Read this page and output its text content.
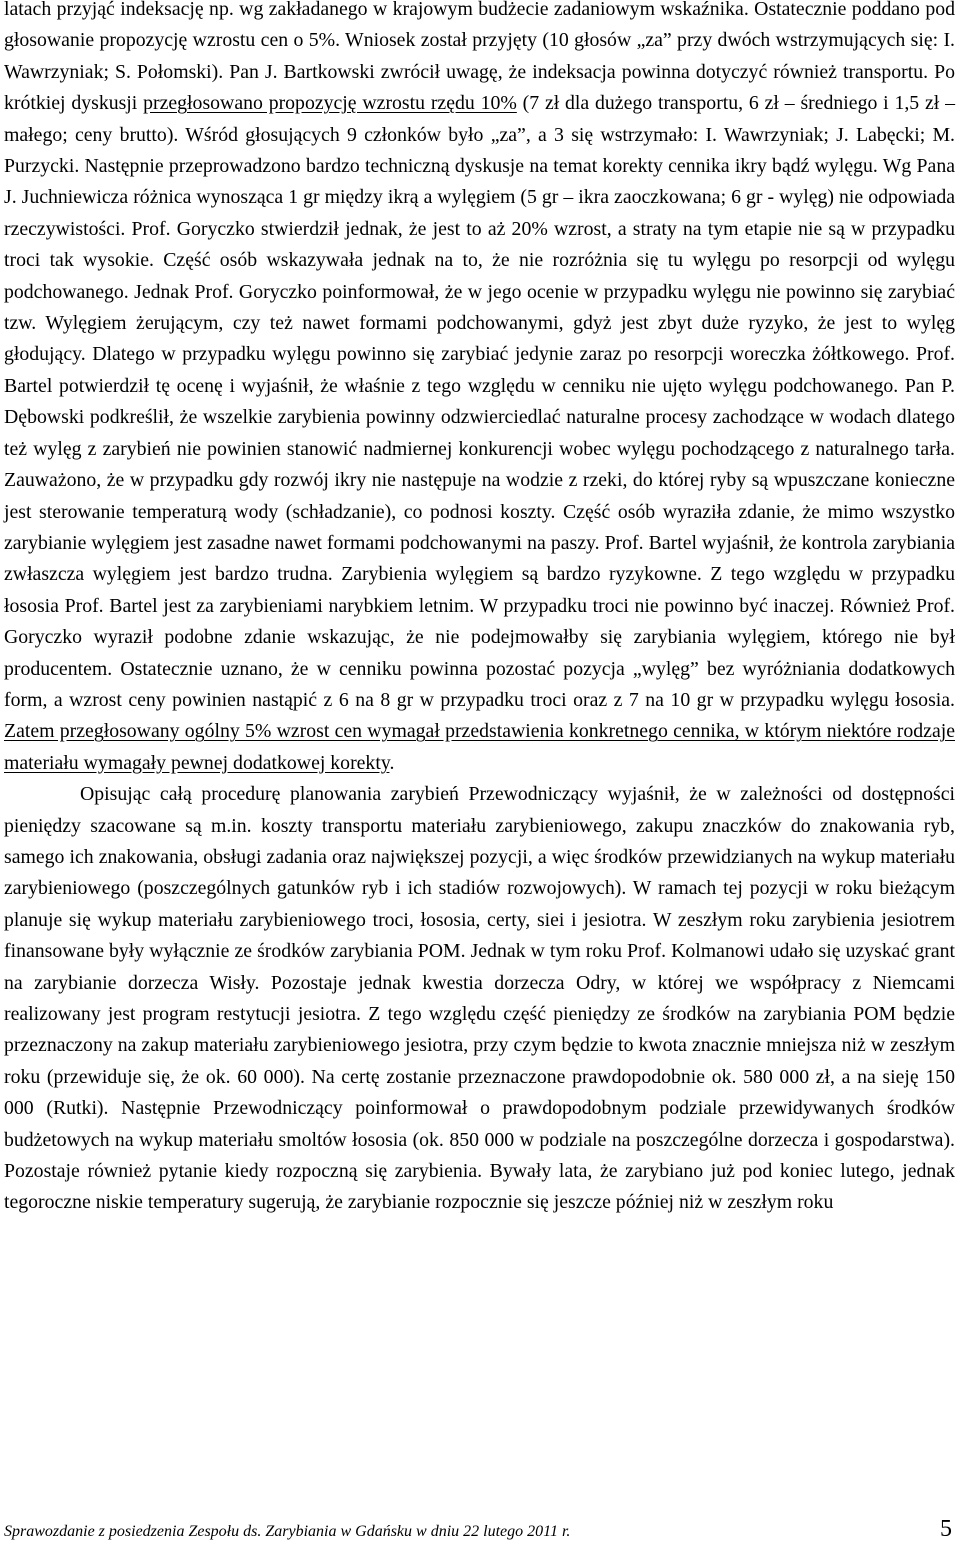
latach przyjąć indeksację np. wg zakładanego w krajowym budżecie zadaniowym wskaźnika. Ostatecznie poddano pod głosowanie propozycję wzrostu cen o 5%. Wniosek został przyjęty (10 głosów „za” przy dwóch wstrzymujących się: I. Wawrzyniak; S. Połomski). Pan J. Bartkowski zwrócił uwagę, że indeksacja powinna dotyczyć również transportu. Po krótkiej dyskusji przegłosowano propozycję wzrostu rzędu 10% (7 zł dla dużego transportu, 6 zł – średniego i 1,5 zł – małego; ceny brutto). Wśród głosujących 9 członków było „za”, a 3 się wstrzymało: I. Wawrzyniak; J. Labęcki; M. Purzycki. Następnie przeprowadzono bardzo techniczną dyskusje na temat korekty cennika ikry bądź wylęgu. Wg Pana J. Juchniewicza różnica wynosząca 1 gr między ikrą a wylęgiem (5 gr – ikra zaoczkowana; 6 gr - wylęg) nie odpowiada rzeczywistości. Prof. Goryczko stwierdził jednak, że jest to aż 20% wzrost, a straty na tym etapie nie są w przypadku troci tak wysokie. Część osób wskazywała jednak na to, że nie rozróżnia się tu wylęgu po resorpcji od wylęgu podchowanego. Jednak Prof. Goryczko poinformował, że w jego ocenie w przypadku wylęgu nie powinno się zarybiać tzw. Wylęgiem żerującym, czy też nawet formami podchowanymi, gdyż jest zbyt duże ryzyko, że jest to wylęg głodujący. Dlatego w przypadku wylęgu powinno się zarybiać jedynie zaraz po resorpcji woreczka żółtkowego. Prof. Bartel potwierdził tę ocenę i wyjaśnił, że właśnie z tego względu w cenniku nie ujęto wylęgu podchowanego. Pan P. Dębowski podkreślił, że wszelkie zarybienia powinny odzwierciedlać naturalne procesy zachodzące w wodach dlatego też wylęg z zarybień nie powinien stanowić nadmiernej konkurencji wobec wylęgu pochodzącego z naturalnego tarła. Zauważono, że w przypadku gdy rozwój ikry nie następuje na wodzie z rzeki, do której ryby są wpuszczane konieczne jest sterowanie temperaturą wody (schładzanie), co podnosi koszty. Część osób wyraziła zdanie, że mimo wszystko zarybianie wylęgiem jest zasadne nawet formami podchowanymi na paszy. Prof. Bartel wyjaśnił, że kontrola zarybiania zwłaszcza wylęgiem jest bardzo trudna. Zarybienia wylęgiem są bardzo ryzykowne. Z tego względu w przypadku łososia Prof. Bartel jest za zarybieniami narybkiem letnim. W przypadku troci nie powinno być inaczej. Również Prof. Goryczko wyraził podobne zdanie wskazując, że nie podejmowałby się zarybiania wylęgiem, którego nie był producentem. Ostatecznie uznano, że w cenniku powinna pozostać pozycja „wylęg” bez wyróżniania dodatkowych form, a wzrost ceny powinien nastąpić z 6 na 8 gr w przypadku troci oraz z 7 na 10 gr w przypadku wylęgu łososia. Zatem przegłosowany ogólny 5% wzrost cen wymagał przedstawienia konkretnego cennika, w którym niektóre rodzaje materiału wymagały pewnej dodatkowej korekty.

Opisując całą procedurę planowania zarybień Przewodniczący wyjaśnił, że w zależności od dostępności pieniędzy szacowane są m.in. koszty transportu materiału zarybieniowego, zakupu znaczków do znakowania ryb, samego ich znakowania, obsługi zadania oraz największej pozycji, a więc środków przewidzianych na wykup materiału zarybieniowego (poszczególnych gatunków ryb i ich stadiów rozwojowych). W ramach tej pozycji w roku bieżącym planuje się wykup materiału zarybieniowego troci, łososia, certy, siei i jesiotra. W zeszłym roku zarybienia jesiotrem finansowane były wyłącznie ze środków zarybiania POM. Jednak w tym roku Prof. Kolmanowi udało się uzyskać grant na zarybianie dorzecza Wisły. Pozostaje jednak kwestia dorzecza Odry, w której we współpracy z Niemcami realizowany jest program restytucji jesiotra. Z tego względu część pieniędzy ze środków na zarybiania POM będzie przeznaczony na zakup materiału zarybieniowego jesiotra, przy czym będzie to kwota znacznie mniejsza niż w zeszłym roku (przewiduje się, że ok. 60 000). Na certę zostanie przeznaczone prawdopodobnie ok. 580 000 zł, a na sieję 150 000 (Rutki). Następnie Przewodniczący poinformował o prawdopodobnym podziale przewidywanych środków budżetowych na wykup materiału smoltów łososia (ok. 850 000 w podziale na poszczególne dorzecza i gospodarstwa). Pozostaje również pytanie kiedy rozpoczną się zarybienia. Bywały lata, że zarybiano już pod koniec lutego, jednak tegoroczne niskie temperatury sugerują, że zarybianie rozpocznie się jeszcze później niż w zeszłym roku

Sprawozdanie z posiedzenia Zespołu ds. Zarybiania w Gdańsku w dniu 22 lutego 2011 r.	5
